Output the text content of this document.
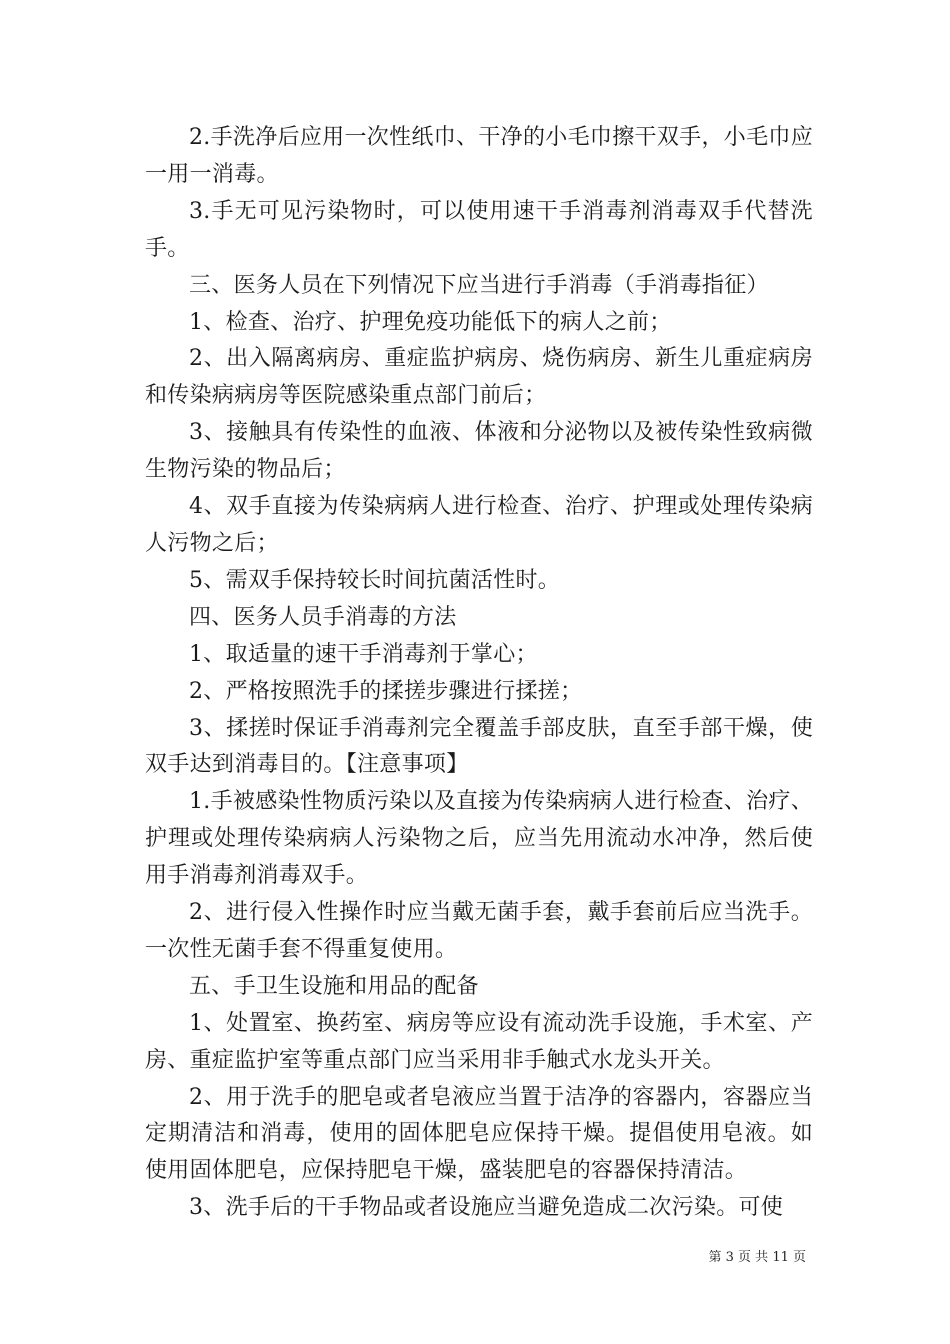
2.手洗净后应用一次性纸巾、干净的小毛巾擦干双手，小毛巾应一用一消毒。

3.手无可见污染物时，可以使用速干手消毒剂消毒双手代替洗手。

三、医务人员在下列情况下应当进行手消毒（手消毒指征）

1、检查、治疗、护理免疫功能低下的病人之前；

2、出入隔离病房、重症监护病房、烧伤病房、新生儿重症病房和传染病病房等医院感染重点部门前后；

3、接触具有传染性的血液、体液和分泌物以及被传染性致病微生物污染的物品后；

4、双手直接为传染病病人进行检查、治疗、护理或处理传染病人污物之后；

5、需双手保持较长时间抗菌活性时。

四、医务人员手消毒的方法

1、取适量的速干手消毒剂于掌心；

2、严格按照洗手的揉搓步骤进行揉搓；

3、揉搓时保证手消毒剂完全覆盖手部皮肤，直至手部干燥，使双手达到消毒目的。【注意事项】

1.手被感染性物质污染以及直接为传染病病人进行检查、治疗、护理或处理传染病病人污染物之后，应当先用流动水冲净，然后使用手消毒剂消毒双手。

2、进行侵入性操作时应当戴无菌手套，戴手套前后应当洗手。一次性无菌手套不得重复使用。

五、手卫生设施和用品的配备

1、处置室、换药室、病房等应设有流动洗手设施，手术室、产房、重症监护室等重点部门应当采用非手触式水龙头开关。

2、用于洗手的肥皂或者皂液应当置于洁净的容器内，容器应当定期清洁和消毒，使用的固体肥皂应保持干燥。提倡使用皂液。如使用固体肥皂，应保持肥皂干燥，盛装肥皂的容器保持清洁。

3、洗手后的干手物品或者设施应当避免造成二次污染。可使

第 3 页 共 11 页
